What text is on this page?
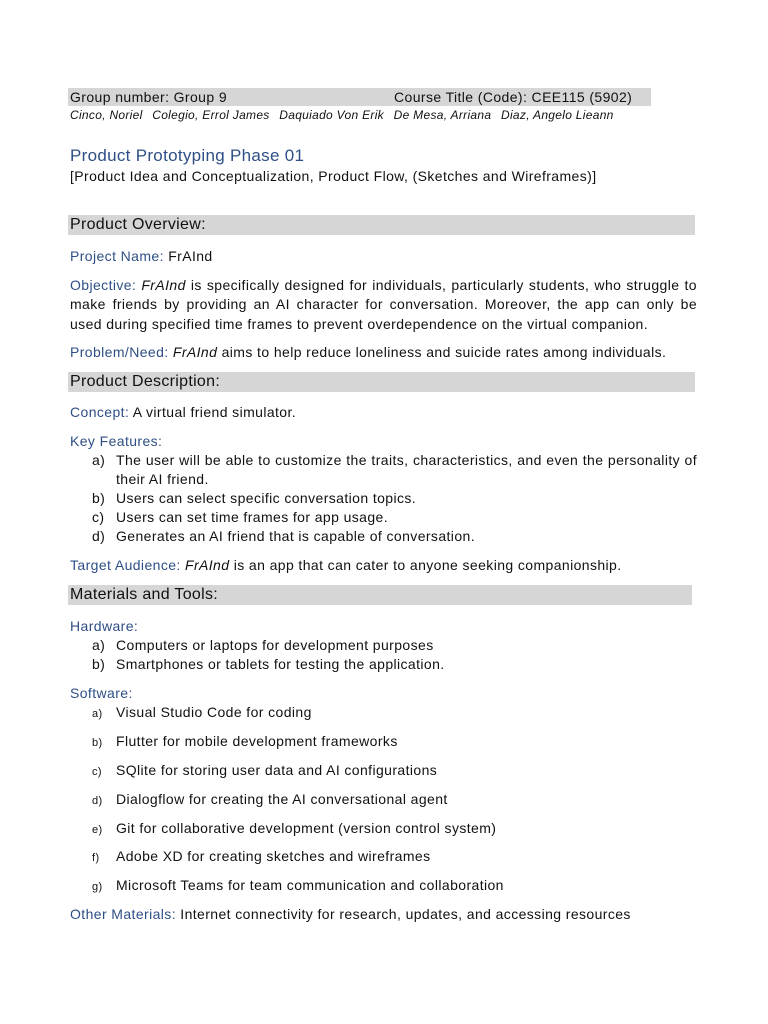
Group number: Group 9	Course Title (Code): CEE115 (5902)
Cinco, Noriel Colegio, Errol James Daquiado Von Erik De Mesa, Arriana Diaz, Angelo Lieann
Product Prototyping Phase 01
[Product Idea and Conceptualization, Product Flow, (Sketches and Wireframes)]
Product Overview:
Project Name: FrAInd
Objective: FrAInd is specifically designed for individuals, particularly students, who struggle to make friends by providing an AI character for conversation. Moreover, the app can only be used during specified time frames to prevent overdependence on the virtual companion.
Problem/Need: FrAInd aims to help reduce loneliness and suicide rates among individuals.
Product Description:
Concept: A virtual friend simulator.
Key Features:
a) The user will be able to customize the traits, characteristics, and even the personality of their AI friend.
b) Users can select specific conversation topics.
c) Users can set time frames for app usage.
d) Generates an AI friend that is capable of conversation.
Target Audience: FrAInd is an app that can cater to anyone seeking companionship.
Materials and Tools:
Hardware:
a) Computers or laptops for development purposes
b) Smartphones or tablets for testing the application.
Software:
a) Visual Studio Code for coding
b) Flutter for mobile development frameworks
c) SQlite for storing user data and AI configurations
d) Dialogflow for creating the AI conversational agent
e) Git for collaborative development (version control system)
f) Adobe XD for creating sketches and wireframes
g) Microsoft Teams for team communication and collaboration
Other Materials: Internet connectivity for research, updates, and accessing resources
